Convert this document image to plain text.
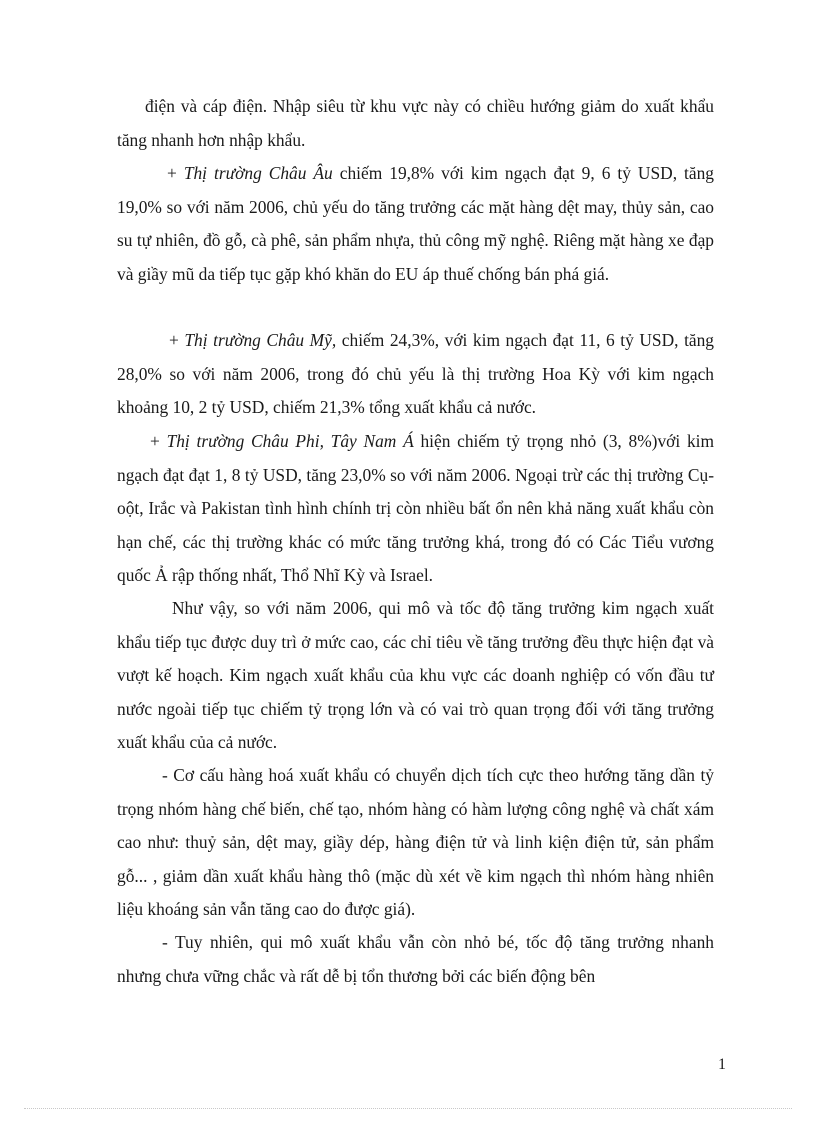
điện và cáp điện. Nhập siêu từ khu vực này có chiều hướng giảm do xuất khẩu tăng nhanh hơn nhập khẩu.

+ Thị trường Châu Âu chiếm 19,8% với kim ngạch đạt 9, 6 tỷ USD, tăng 19,0% so với năm 2006, chủ yếu do tăng trưởng các mặt hàng dệt may, thủy sản, cao su tự nhiên, đồ gỗ, cà phê, sản phẩm nhựa, thủ công mỹ nghệ. Riêng mặt hàng xe đạp và giầy mũ da tiếp tục gặp khó khăn do EU áp thuế chống bán phá giá.

+ Thị trường Châu Mỹ, chiếm 24,3%, với kim ngạch đạt 11, 6 tỷ USD, tăng 28,0% so với năm 2006, trong đó chủ yếu là thị trường Hoa Kỳ với kim ngạch khoảng 10, 2 tỷ USD, chiếm 21,3% tổng xuất khẩu cả nước.

+ Thị trường Châu Phi, Tây Nam Á hiện chiếm tỷ trọng nhỏ (3, 8%)với kim ngạch đạt đạt 1, 8 tỷ USD, tăng 23,0% so với năm 2006. Ngoại trừ các thị trường Cụ-oột, Irắc và Pakistan tình hình chính trị còn nhiều bất ổn nên khả năng xuất khẩu còn hạn chế, các thị trường khác có mức tăng trưởng khá, trong đó có Các Tiểu vương quốc Ả rập thống nhất, Thổ Nhĩ Kỳ và Israel.

Như vậy, so với năm 2006, qui mô và tốc độ tăng trưởng kim ngạch xuất khẩu tiếp tục được duy trì ở mức cao, các chỉ tiêu về tăng trưởng đều thực hiện đạt và vượt kế hoạch. Kim ngạch xuất khẩu của khu vực các doanh nghiệp có vốn đầu tư nước ngoài tiếp tục chiếm tỷ trọng lớn và có vai trò quan trọng đối với tăng trưởng xuất khẩu của cả nước.

- Cơ cấu hàng hoá xuất khẩu có chuyển dịch tích cực theo hướng tăng dần tỷ trọng nhóm hàng chế biến, chế tạo, nhóm hàng có hàm lượng công nghệ và chất xám cao như: thuỷ sản, dệt may, giầy dép, hàng điện tử và linh kiện điện tử, sản phẩm gỗ... , giảm dần xuất khẩu hàng thô (mặc dù xét về kim ngạch thì nhóm hàng nhiên liệu khoáng sản vẫn tăng cao do được giá).

- Tuy nhiên, qui mô xuất khẩu vẫn còn nhỏ bé, tốc độ tăng trưởng nhanh nhưng chưa vững chắc và rất dễ bị tổn thương bởi các biến động bên

1
